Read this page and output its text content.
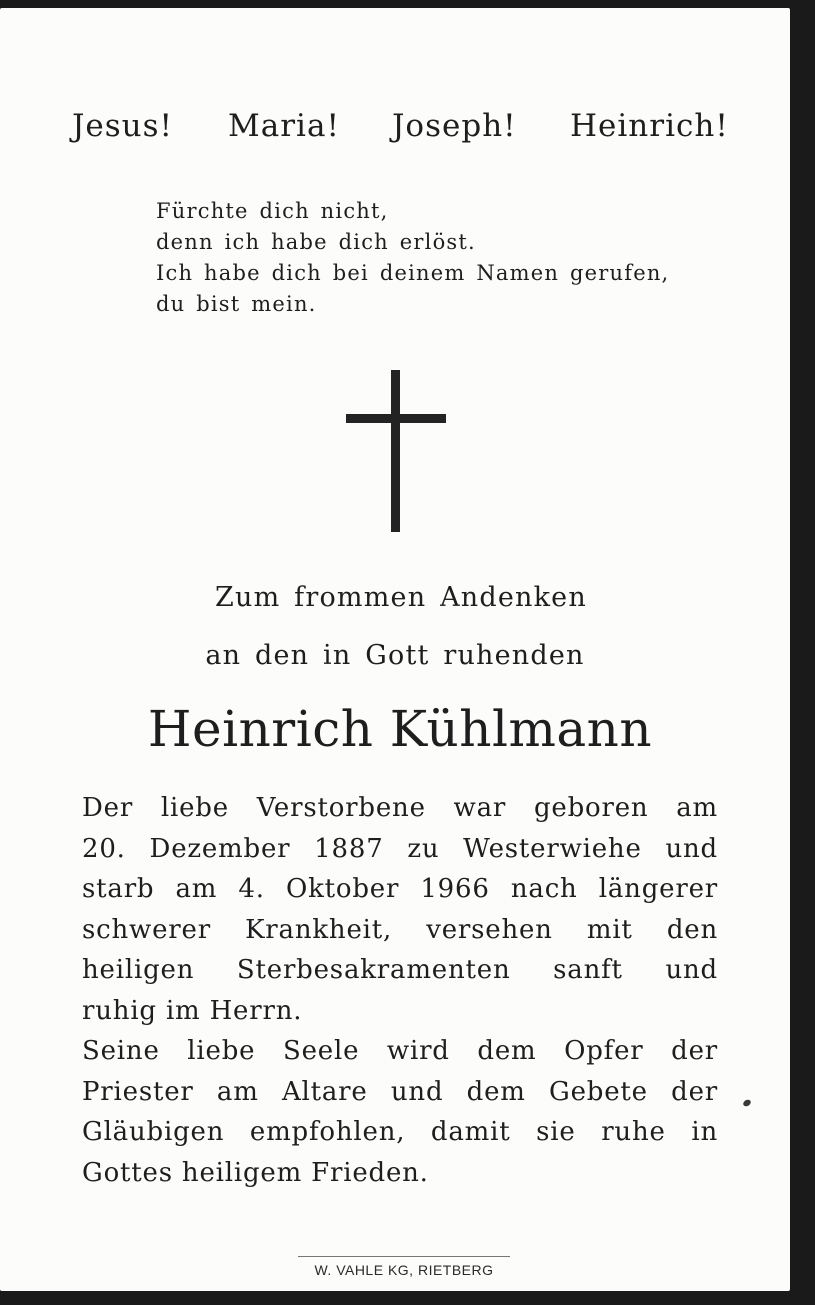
Jesus! Maria! Joseph! Heinrich!
Fürchte dich nicht,
denn ich habe dich erlöst.
Ich habe dich bei deinem Namen gerufen,
du bist mein.
Zum frommen Andenken
an den in Gott ruhenden
Heinrich Kühlmann
Der liebe Verstorbene war geboren am
20. Dezember 1887 zu Westerwiehe und
starb am 4. Oktober 1966 nach längerer
schwerer Krankheit, versehen mit den
heiligen Sterbesakramenten sanft und
ruhig im Herrn.
Seine liebe Seele wird dem Opfer der
Priester am Altare und dem Gebete der
Gläubigen empfohlen, damit sie ruhe in
Gottes heiligem Frieden.
W. VAHLE KG, RIETBERG
